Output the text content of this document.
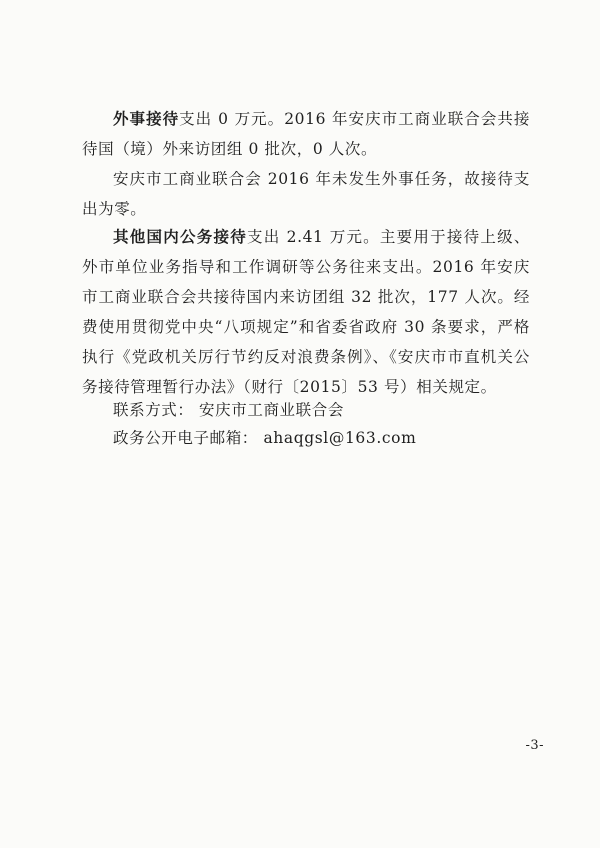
外事接待支出 0 万元。2016 年安庆市工商业联合会共接待国（境）外来访团组 0 批次，0 人次。

安庆市工商业联合会 2016 年未发生外事任务，故接待支出为零。

其他国内公务接待支出 2.41 万元。主要用于接待上级、外市单位业务指导和工作调研等公务往来支出。2016 年安庆市工商业联合会共接待国内来访团组 32 批次，177 人次。经费使用贯彻党中央“八项规定”和省委省政府 30 条要求，严格执行《党政机关厉行节约反对浪费条例》、《安庆市市直机关公务接待管理暂行办法》（财行〔2015〕53 号）相关规定。

联系方式： 安庆市工商业联合会

政务公开电子邮箱： ahaqgsl@163.com

-3-
